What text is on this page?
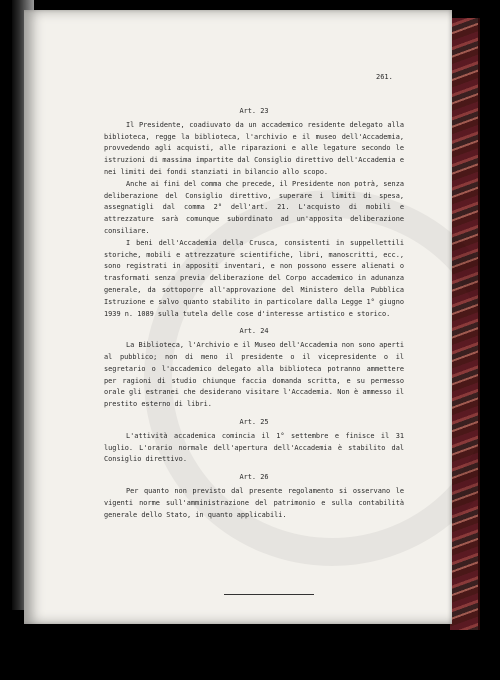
261.
Art. 23

Il Presidente, coadiuvato da un accademico residente delegato alla biblioteca, regge la biblioteca, l'archivio e il museo dell'Accademia, provvedendo agli acquisti, alle riparazioni e alle legature secondo le istruzioni di massima impartite dal Consiglio direttivo dell'Accademia e nei limiti dei fondi stanziati in bilancio allo scopo.

Anche ai fini del comma che precede, il Presidente non potrà, senza deliberazione del Consiglio direttivo, superare i limiti di spesa, assegnatigli dal comma 2° dell'art. 21. L'acquisto di mobili e attrezzature sarà comunque subordinato ad un'apposita deliberazione consiliare.

I beni dell'Accademia della Crusca, consistenti in suppellettili storiche, mobili e attrezzature scientifiche, libri, manoscritti, ecc., sono registrati in appositi inventari, e non possono essere alienati o trasformati senza previa deliberazione del Corpo accademico in adunanza generale, da sottoporre all'approvazione del Ministero della Pubblica Istruzione e salvo quanto stabilito in particolare dalla Legge 1° giugno 1939 n. 1089 sulla tutela delle cose d'interesse artistico e storico.

Art. 24

La Biblioteca, l'Archivio e il Museo dell'Accademia non sono aperti al pubblico; non di meno il presidente o il vicepresidente o il segretario o l'accademico delegato alla biblioteca potranno ammettere per ragioni di studio chiunque faccia domanda scritta, e su permesso orale gli estranei che desiderano visitare l'Accademia. Non è ammesso il prestito esterno di libri.

Art. 25

L'attività accademica comincia il 1° settembre e finisce il 31 luglio. L'orario normale dell'apertura dell'Accademia è stabilito dal Consiglio direttivo.

Art. 26

Per quanto non previsto dal presente regolamento si osservano le vigenti norme sull'amministrazione del patrimonio e sulla contabilità generale dello Stato, in quanto applicabili.
